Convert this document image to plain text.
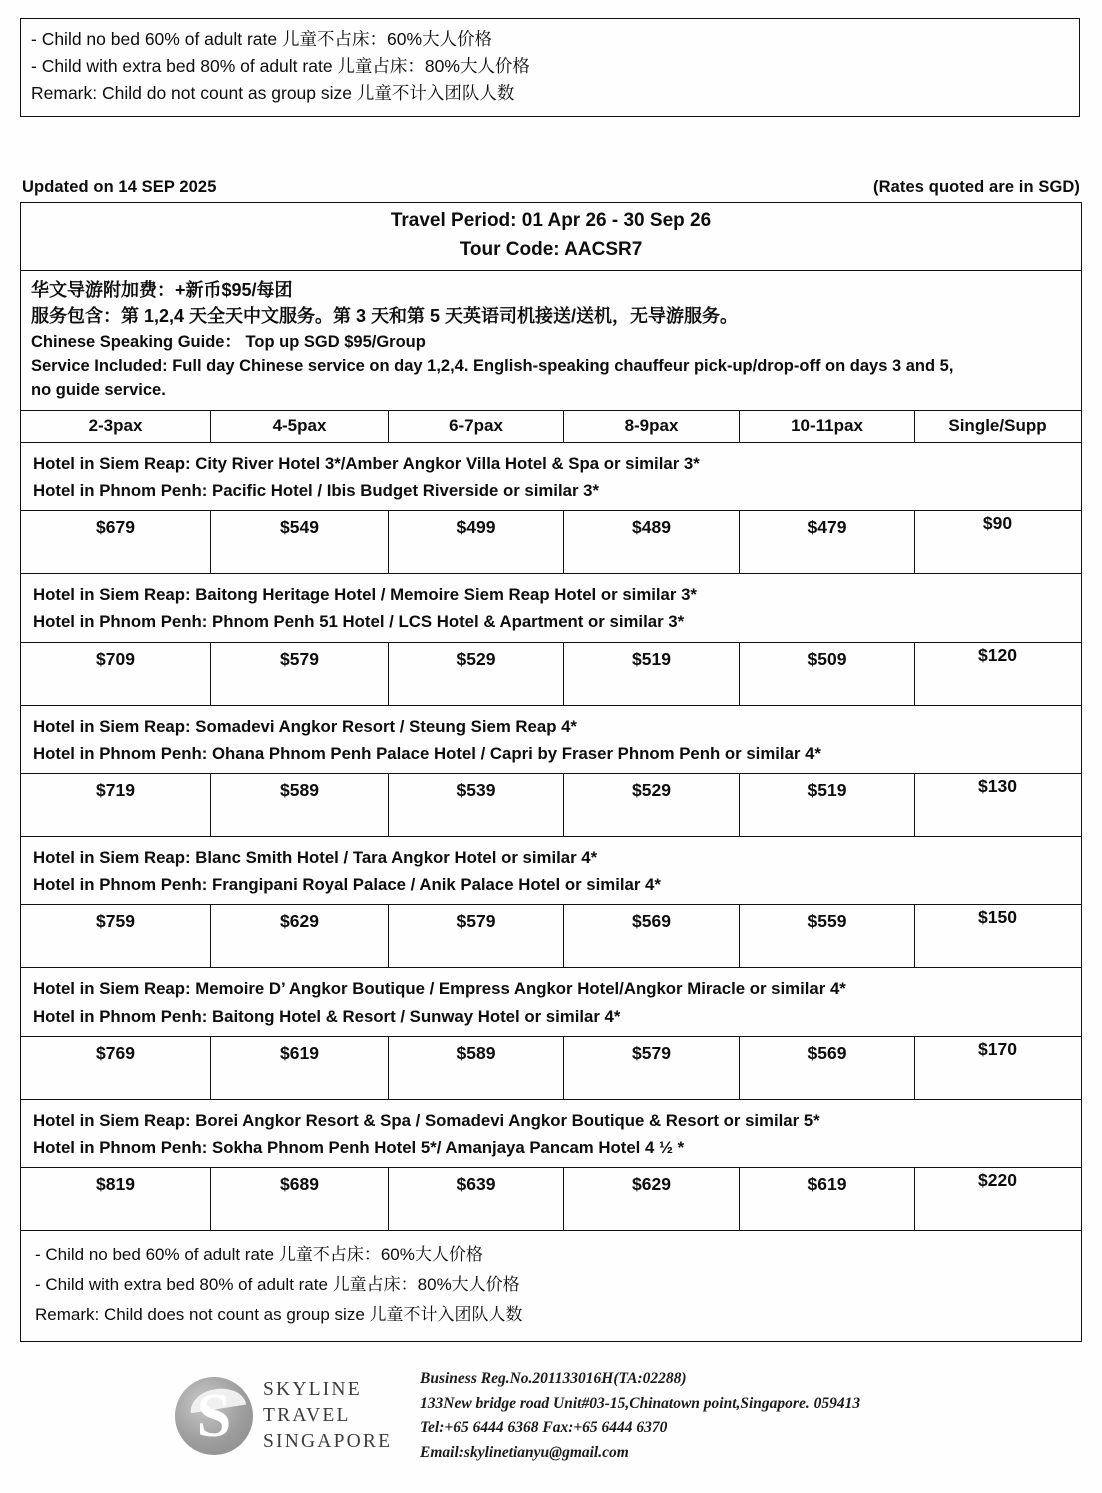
- Child no bed 60% of adult rate 儿童不占床：60%大人价格
- Child with extra bed 80% of adult rate 儿童占床：80%大人价格
Remark: Child do not count as group size 儿童不计入团队人数
Updated on 14 SEP 2025	(Rates quoted are in SGD)
Travel Period: 01 Apr 26 - 30 Sep 26
Tour Code: AACSR7
华文导游附加费：+新币$95/每团
服务包含：第 1,2,4 天全天中文服务。第 3 天和第 5 天英语司机接送/送机，无导游服务。
Chinese Speaking Guide： Top up SGD $95/Group
Service Included: Full day Chinese service on day 1,2,4. English-speaking chauffeur pick-up/drop-off on days 3 and 5,
no guide service.
2-3pax	4-5pax	6-7pax	8-9pax	10-11pax	Single/Supp
Hotel in Siem Reap: City River Hotel 3*/Amber Angkor Villa Hotel & Spa or similar 3*
Hotel in Phnom Penh: Pacific Hotel / Ibis Budget Riverside or similar 3*
$679	$549	$499	$489	$479	$90
Hotel in Siem Reap: Baitong Heritage Hotel / Memoire Siem Reap Hotel or similar 3*
Hotel in Phnom Penh: Phnom Penh 51 Hotel / LCS Hotel & Apartment or similar 3*
$709	$579	$529	$519	$509	$120
Hotel in Siem Reap: Somadevi Angkor Resort / Steung Siem Reap 4*
Hotel in Phnom Penh: Ohana Phnom Penh Palace Hotel / Capri by Fraser Phnom Penh or similar 4*
$719	$589	$539	$529	$519	$130
Hotel in Siem Reap: Blanc Smith Hotel / Tara Angkor Hotel or similar 4*
Hotel in Phnom Penh: Frangipani Royal Palace / Anik Palace Hotel or similar 4*
$759	$629	$579	$569	$559	$150
Hotel in Siem Reap: Memoire D’ Angkor Boutique / Empress Angkor Hotel/Angkor Miracle or similar 4*
Hotel in Phnom Penh: Baitong Hotel & Resort / Sunway Hotel or similar 4*
$769	$619	$589	$579	$569	$170
Hotel in Siem Reap: Borei Angkor Resort & Spa / Somadevi Angkor Boutique & Resort or similar 5*
Hotel in Phnom Penh: Sokha Phnom Penh Hotel 5*/ Amanjaya Pancam Hotel 4 ½ *
$819	$689	$639	$629	$619	$220
- Child no bed 60% of adult rate 儿童不占床：60%大人价格
- Child with extra bed 80% of adult rate 儿童占床：80%大人价格
Remark: Child does not count as group size 儿童不计入团队人数
S	SKYLINE
TRAVEL
SINGAPORE
Business Reg.No.201133016H(TA:02288)
133New bridge road Unit#03-15,Chinatown point,Singapore. 059413
Tel:+65 6444 6368 Fax:+65 6444 6370
Email:skylinetianyu@gmail.com
